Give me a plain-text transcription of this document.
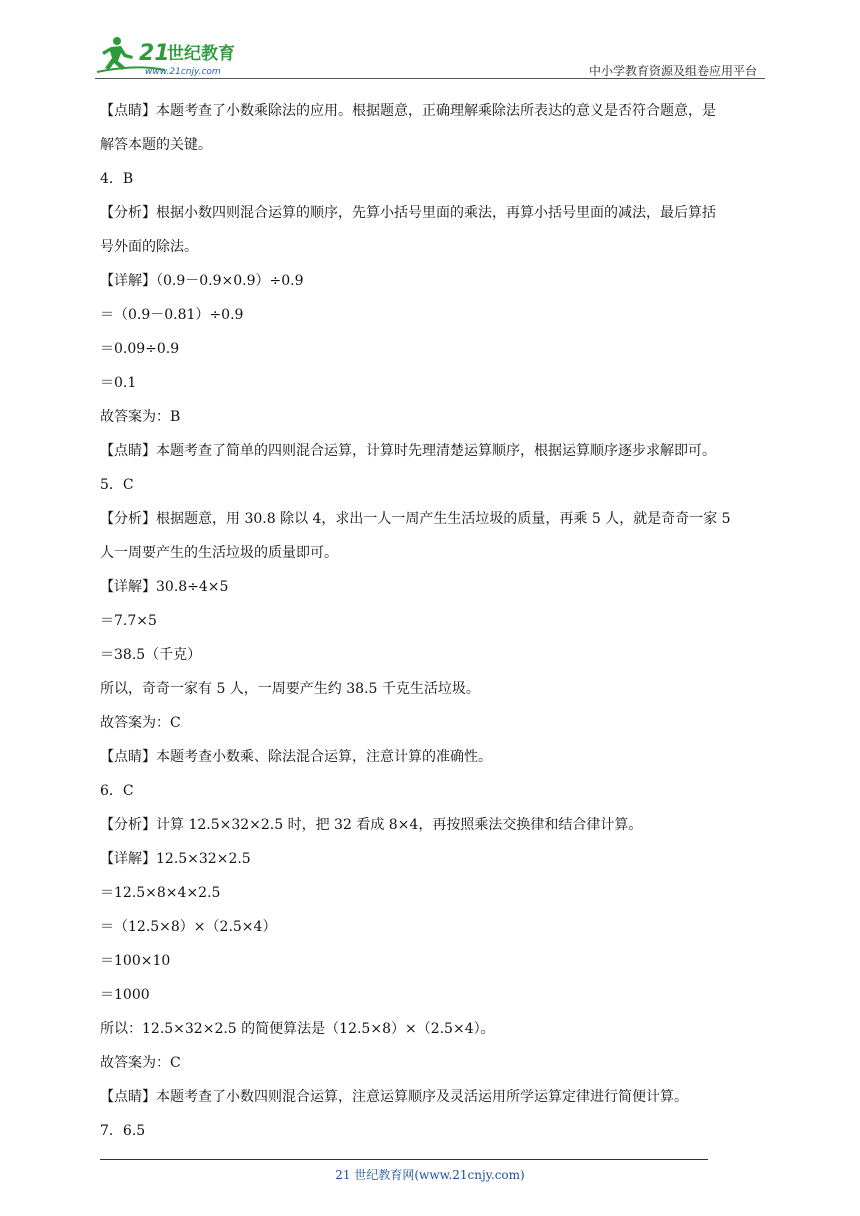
21
世纪教育
www.21cnjy.com	中小学教育资源及组卷应用平台

【点睛】本题考查了小数乘除法的应用。根据题意，正确理解乘除法所表达的意义是否符合题意，是

解答本题的关键。

4．B

【分析】根据小数四则混合运算的顺序，先算小括号里面的乘法，再算小括号里面的减法，最后算括

号外面的除法。

【详解】（0.9－0.9×0.9）÷0.9

＝（0.9－0.81）÷0.9

＝0.09÷0.9

＝0.1

故答案为：B

【点睛】本题考查了简单的四则混合运算，计算时先理清楚运算顺序，根据运算顺序逐步求解即可。

5．C

【分析】根据题意，用 30.8 除以 4，求出一人一周产生生活垃圾的质量，再乘 5 人，就是奇奇一家 5

人一周要产生的生活垃圾的质量即可。

【详解】30.8÷4×5

＝7.7×5

＝38.5（千克）

所以，奇奇一家有 5 人，一周要产生约 38.5 千克生活垃圾。

故答案为：C

【点睛】本题考查小数乘、除法混合运算，注意计算的准确性。

6．C

【分析】计算 12.5×32×2.5 时，把 32 看成 8×4，再按照乘法交换律和结合律计算。

【详解】12.5×32×2.5

＝12.5×8×4×2.5

＝（12.5×8）×（2.5×4）

＝100×10

＝1000

所以：12.5×32×2.5 的简便算法是（12.5×8）×（2.5×4）。

故答案为：C

【点睛】本题考查了小数四则混合运算，注意运算顺序及灵活运用所学运算定律进行简便计算。

7．6.5

21 世纪教育网(www.21cnjy.com)
